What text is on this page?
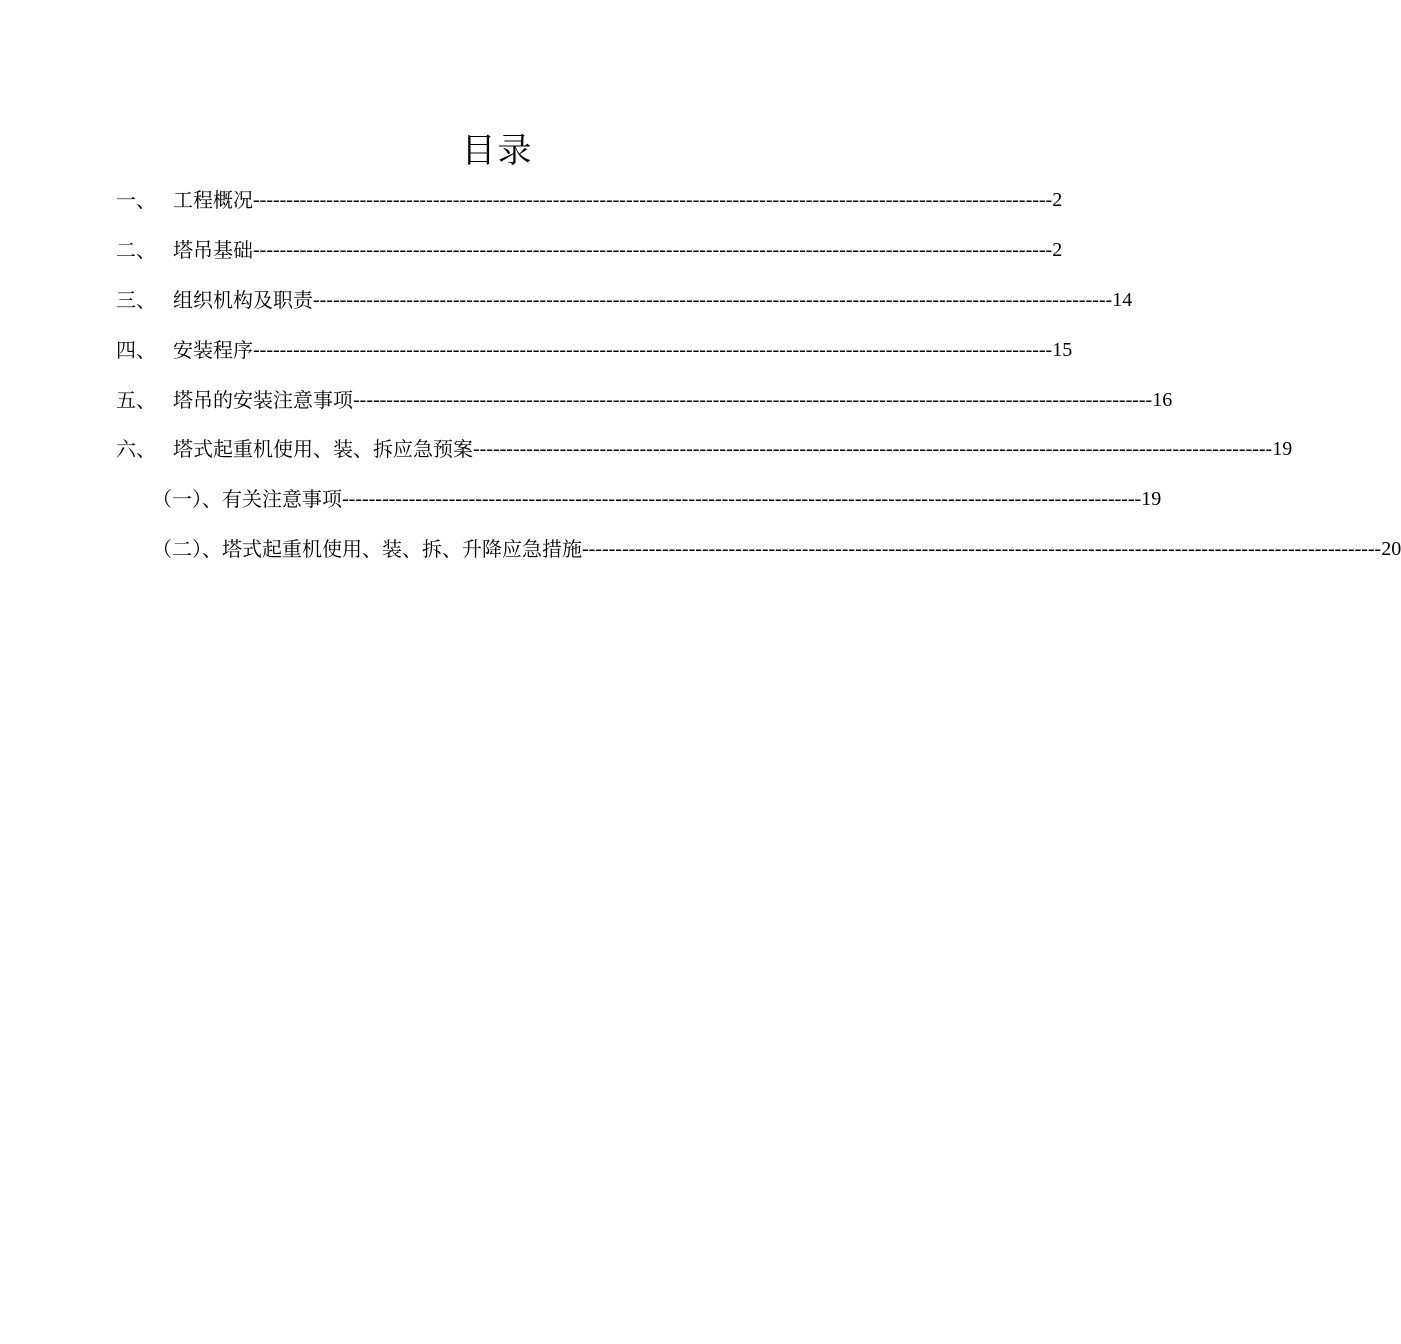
目录
一、 工程概况 ------------------------------------------------------------------------------------------------------------------------ 2
二、 塔吊基础 ------------------------------------------------------------------------------------------------------------------------ 2
三、 组织机构及职责 ------------------------------------------------------------------------------------------------------------------------ 14
四、 安装程序 ------------------------------------------------------------------------------------------------------------------------ 15
五、 塔吊的安装注意事项 ------------------------------------------------------------------------------------------------------------------------ 16
六、 塔式起重机使用、装、拆应急预案 ------------------------------------------------------------------------------------------------------------------------ 19
（一）、有关注意事项 ------------------------------------------------------------------------------------------------------------------------ 19
（二）、塔式起重机使用、装、拆、升降应急措施 ------------------------------------------------------------------------------------------------------------------------ 20
